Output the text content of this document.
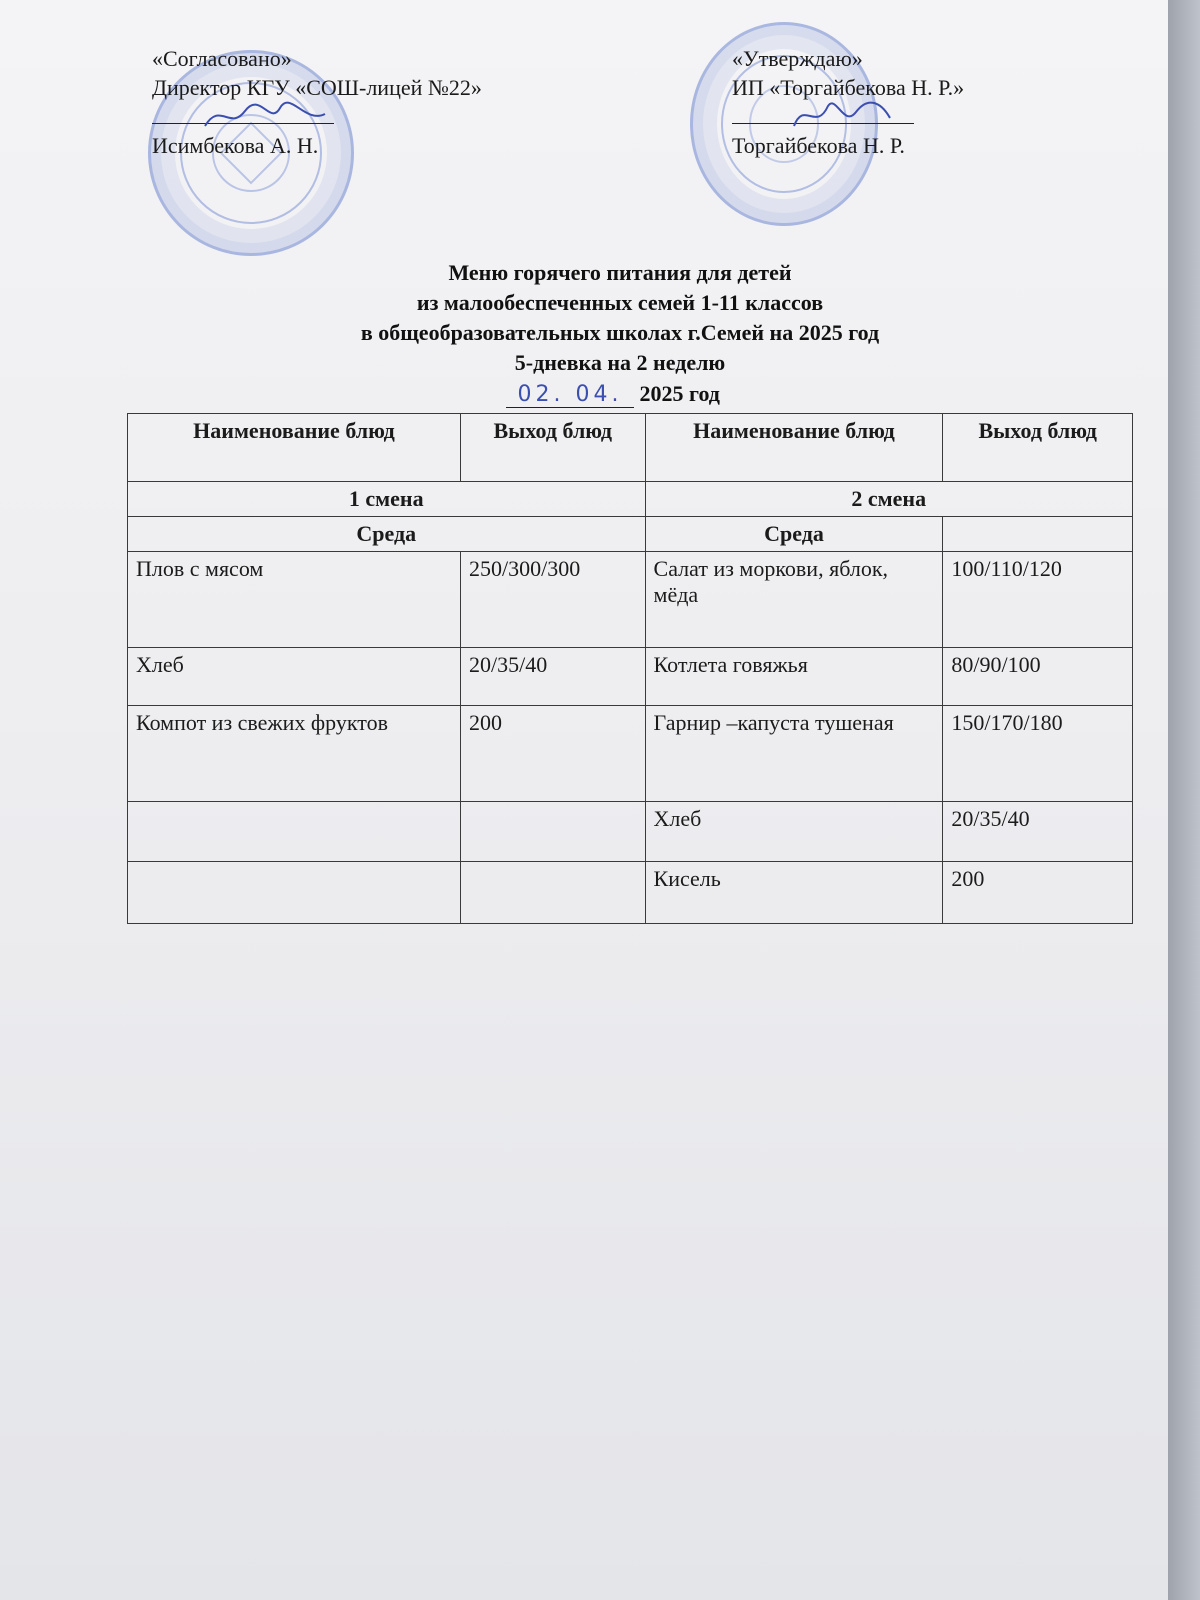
«Согласовано»
Директор КГУ «СОШ-лицей №22»
Исимбекова А. Н.
«Утверждаю»
ИП «Торгайбекова Н. Р.»
Торгайбекова Н. Р.
Меню горячего питания для детей
из малообеспеченных семей 1-11 классов
в общеобразовательных школах г.Семей на 2025 год
5-дневка на 2 неделю
02. 04. 2025 год
Наименование блюд	Выход блюд	Наименование блюд	Выход блюд
1 смена		2 смена	
Среда		Среда	
Плов с мясом	250/300/300	Салат из моркови, яблок, мёда	100/110/120
Хлеб	20/35/40	Котлета говяжья	80/90/100
Компот из свежих фруктов	200	Гарнир –капуста тушеная	150/170/180
		Хлеб	20/35/40
		Кисель	200
